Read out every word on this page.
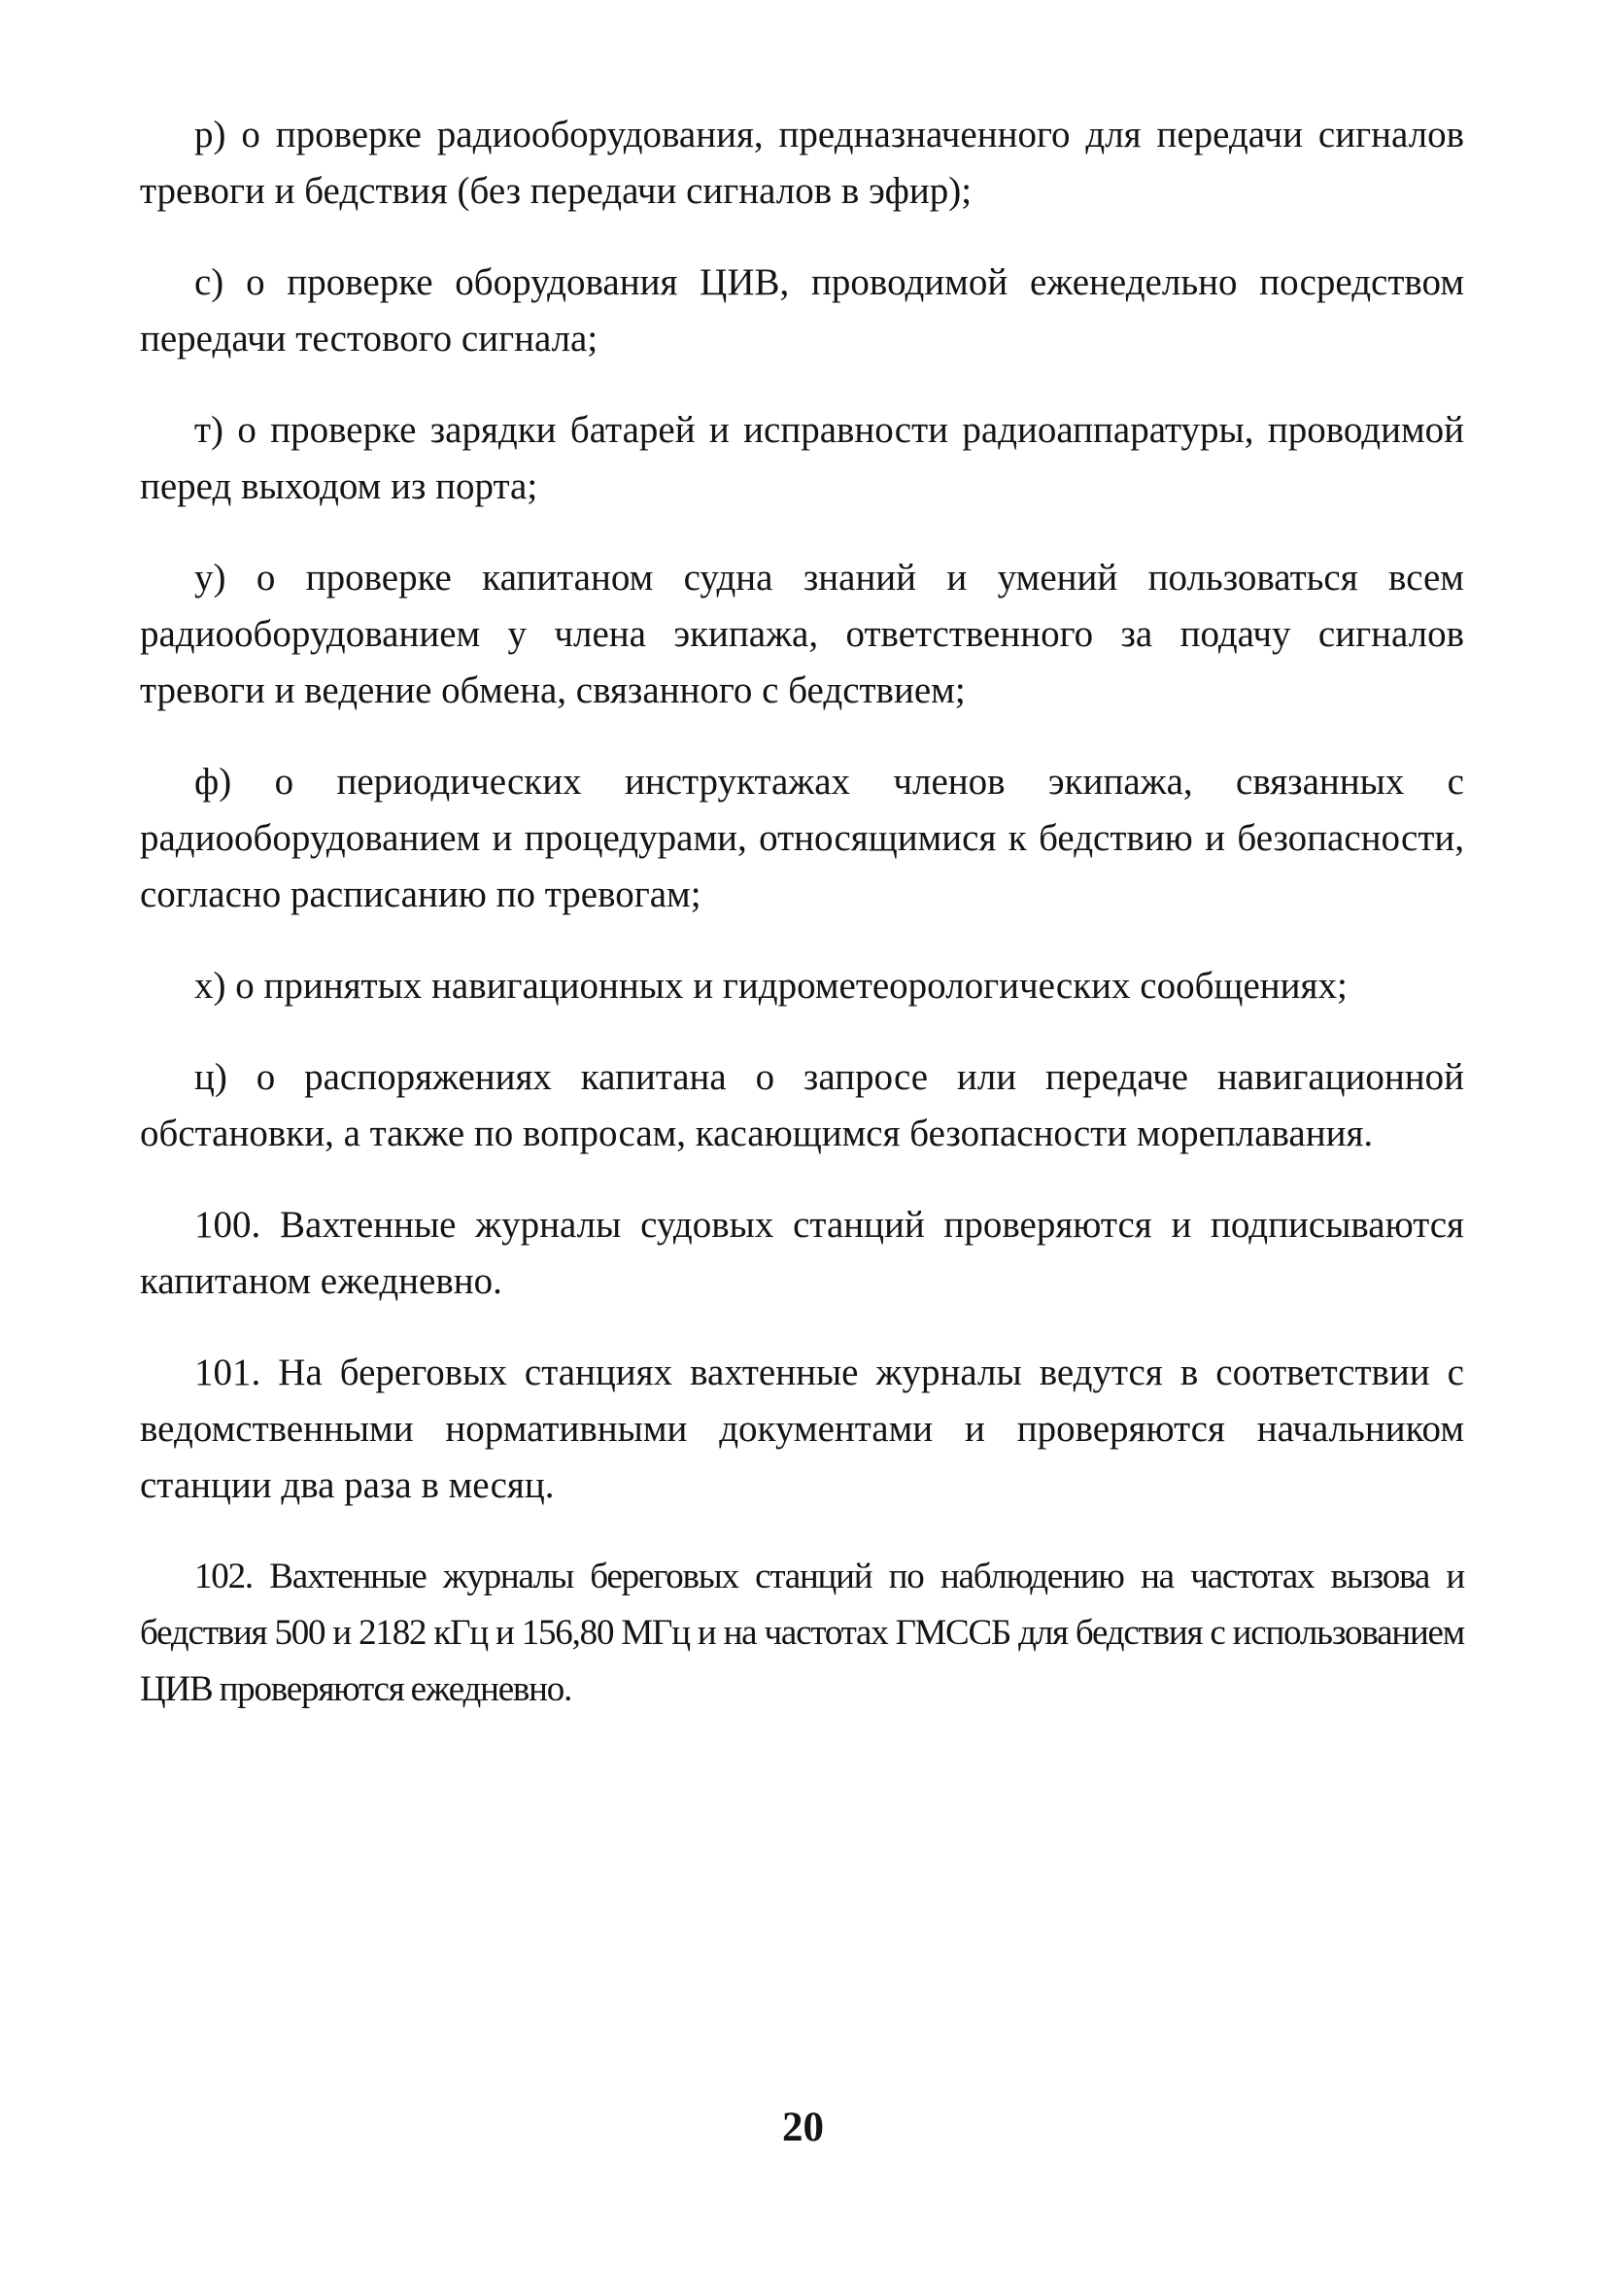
р) о проверке радиооборудования, предназначенного для передачи сигналов тревоги и бедствия (без передачи сигналов в эфир);

с) о проверке оборудования ЦИВ, проводимой еженедельно посредством передачи тестового сигнала;

т) о проверке зарядки батарей и исправности радиоаппаратуры, проводимой перед выходом из порта;

у) о проверке капитаном судна знаний и умений пользоваться всем радиооборудованием у члена экипажа, ответственного за подачу сигналов тревоги и ведение обмена, связанного с бедствием;

ф) о периодических инструктажах членов экипажа, связанных с радиооборудованием и процедурами, относящимися к бедствию и безопасности, согласно расписанию по тревогам;

х) о принятых навигационных и гидрометеорологических сообщениях;

ц) о распоряжениях капитана о запросе или передаче навигационной обстановки, а также по вопросам, касающимся безопасности мореплавания.

100. Вахтенные журналы судовых станций проверяются и подписываются капитаном ежедневно.

101. На береговых станциях вахтенные журналы ведутся в соответствии с ведомственными нормативными документами и проверяются начальником станции два раза в месяц.

102. Вахтенные журналы береговых станций по наблюдению на частотах вызова и бедствия 500 и 2182 кГц и 156,80 МГц и на частотах ГМССБ для бедствия с использованием ЦИВ проверяются ежедневно.

20
